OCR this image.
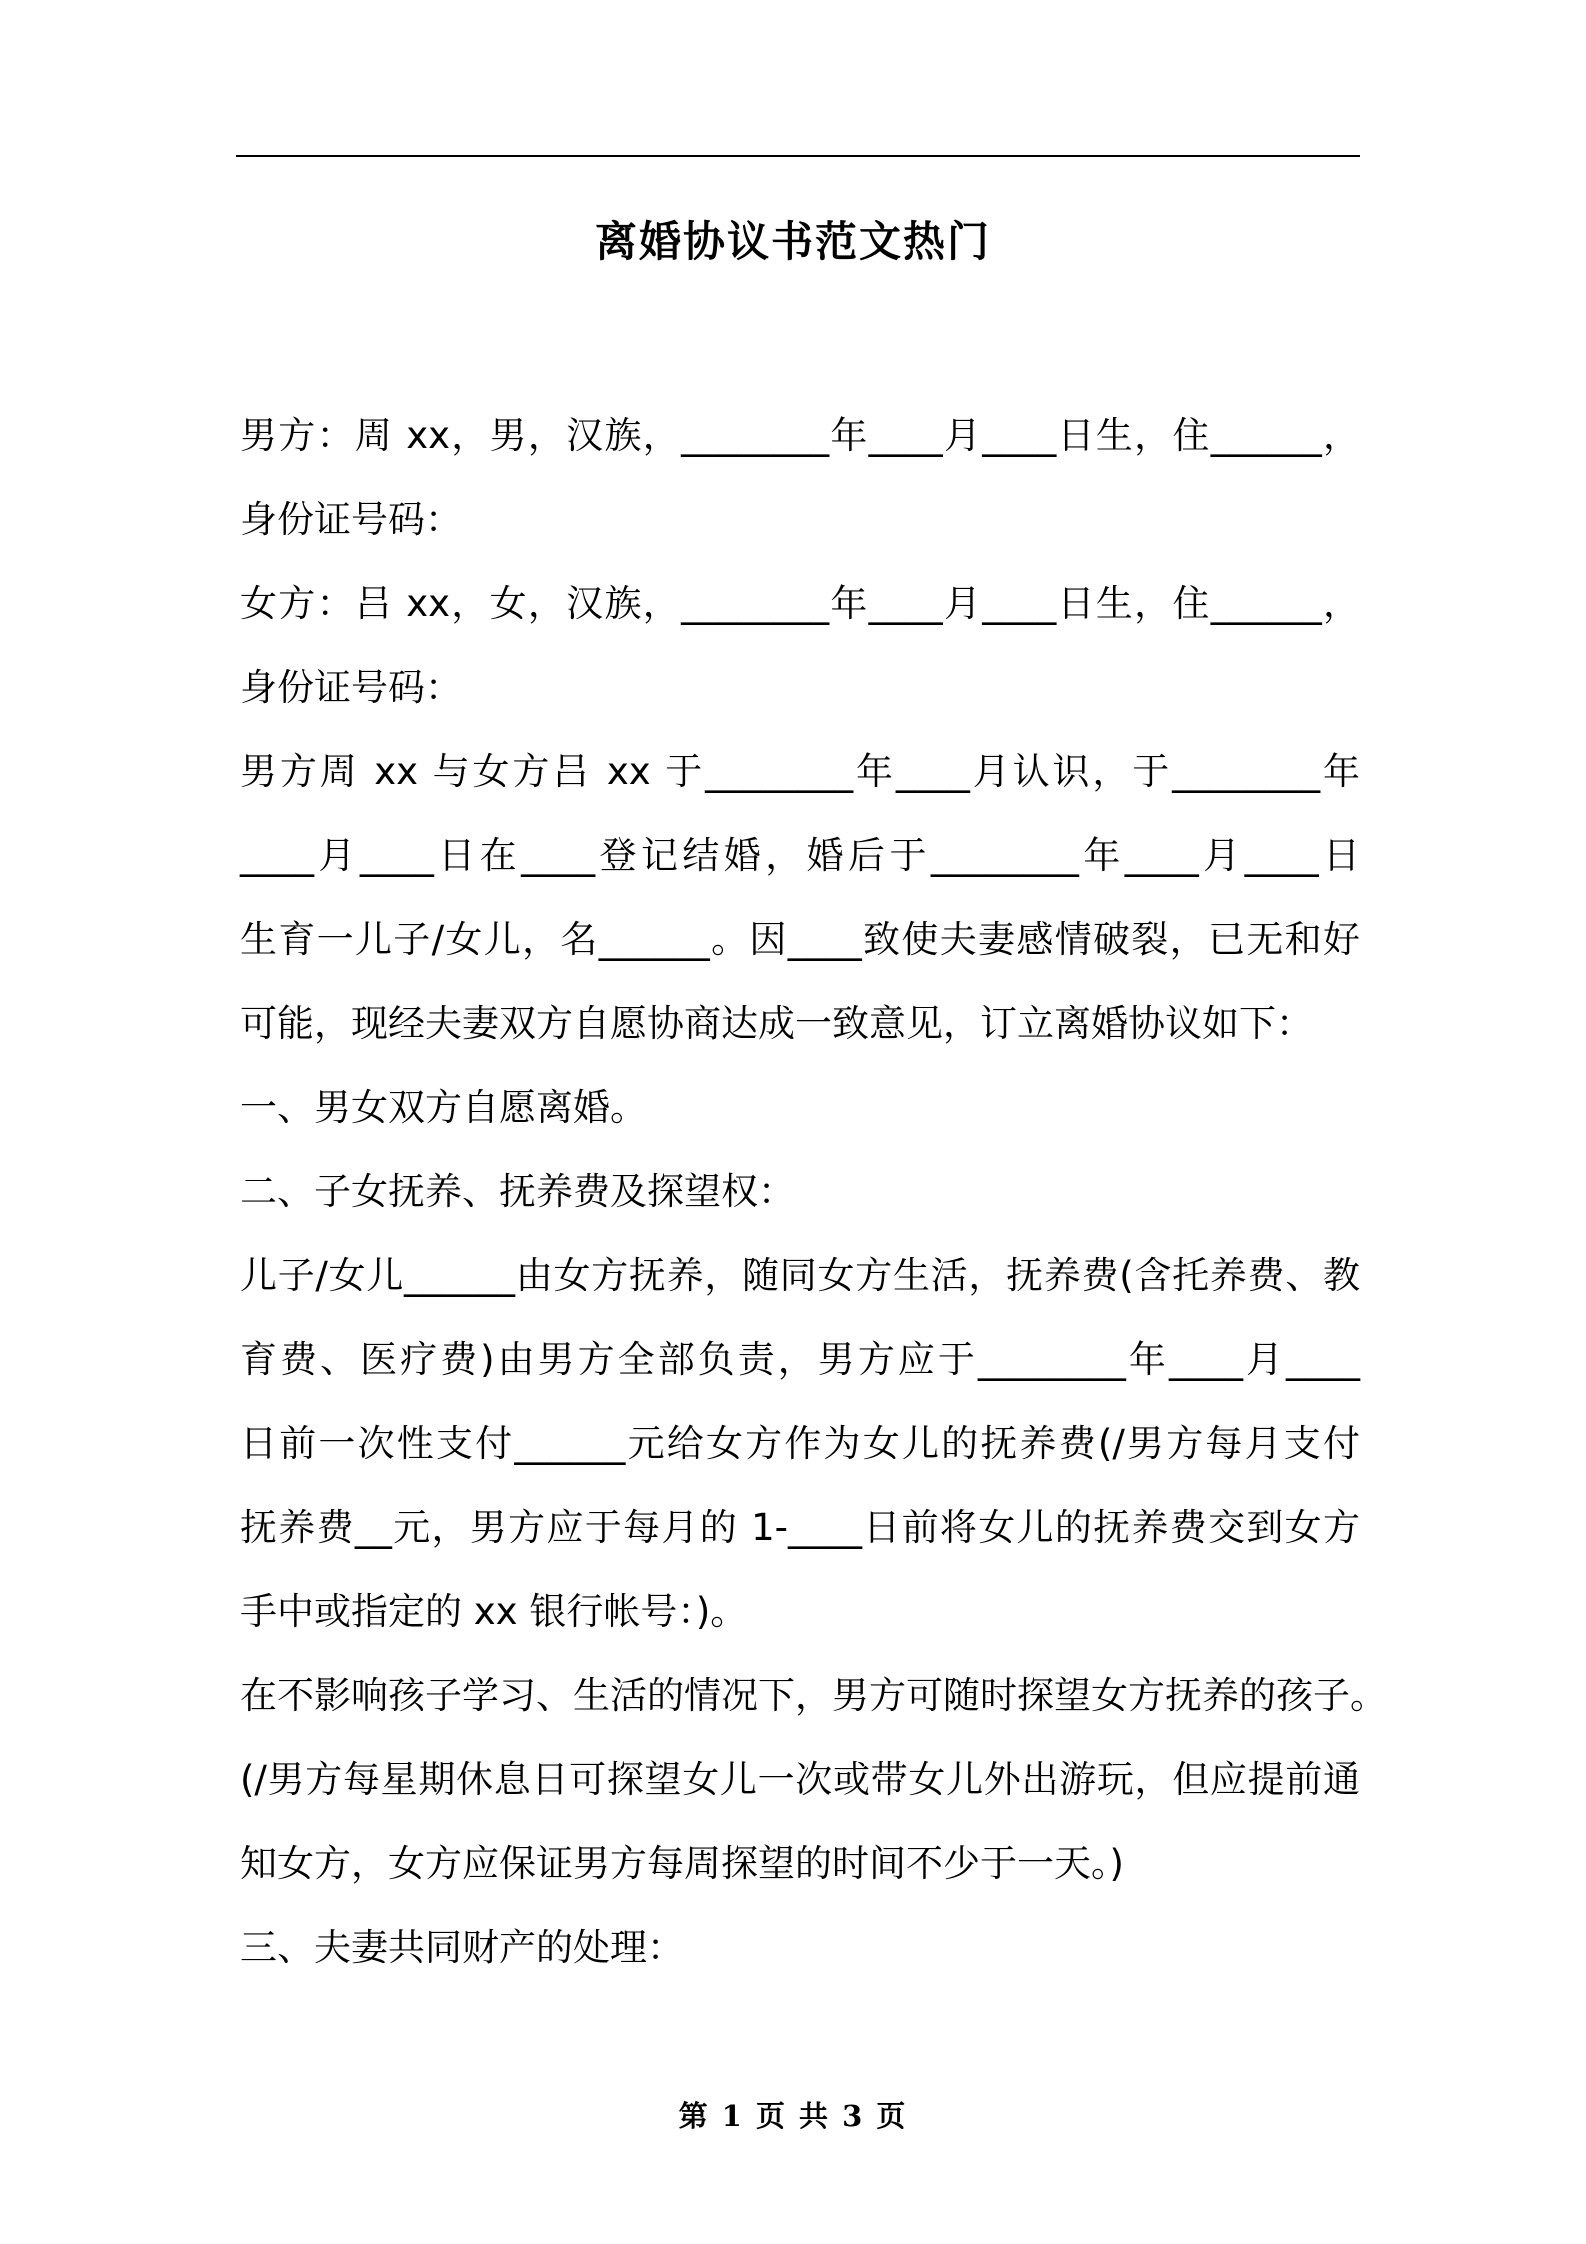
离婚协议书范文热门
男方：周 xx，男，汉族，________年____月____日生，住______，
身份证号码：
女方：吕 xx，女，汉族，________年____月____日生，住______，
身份证号码：
男方周 xx 与女方吕 xx 于________年____月认识，于________年
____月____日在____登记结婚，婚后于________年____月____日
生育一儿子/女儿，名______。因____致使夫妻感情破裂，已无和好
可能，现经夫妻双方自愿协商达成一致意见，订立离婚协议如下：
一、男女双方自愿离婚。
二、子女抚养、抚养费及探望权：
儿子/女儿______由女方抚养，随同女方生活，抚养费(含托养费、教
育费、医疗费)由男方全部负责，男方应于________年____月____
日前一次性支付______元给女方作为女儿的抚养费(/男方每月支付
抚养费__元，男方应于每月的 1-____日前将女儿的抚养费交到女方
手中或指定的 xx 银行帐号：)。
在不影响孩子学习、生活的情况下，男方可随时探望女方抚养的孩子。
(/男方每星期休息日可探望女儿一次或带女儿外出游玩，但应提前通
知女方，女方应保证男方每周探望的时间不少于一天。)
三、夫妻共同财产的处理：
第 1 页 共 3 页
